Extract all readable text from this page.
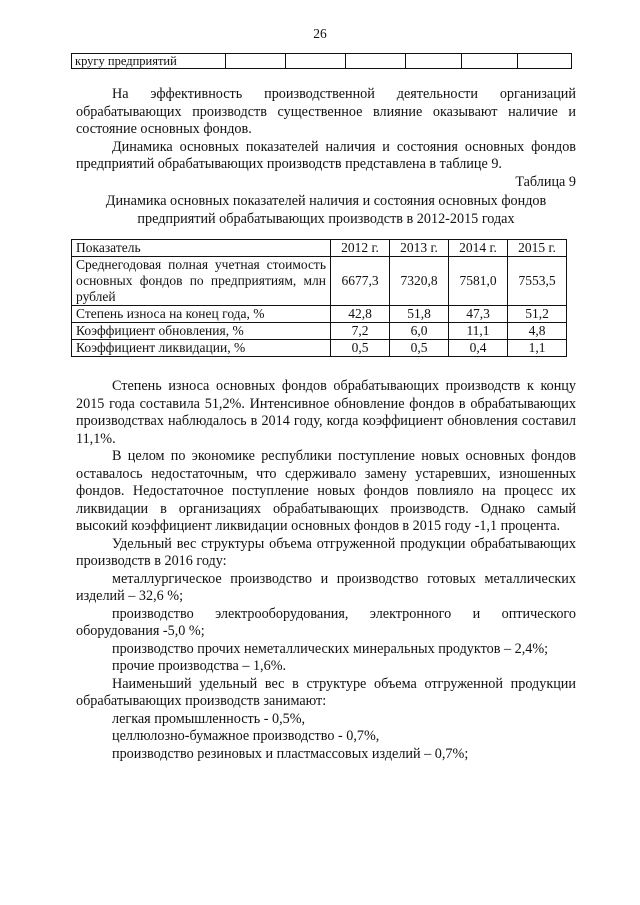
26
кругу предприятий						

На эффективность производственной деятельности организаций обрабатывающих производств существенное влияние оказывают наличие и состояние основных фондов.

Динамика основных показателей наличия и состояния основных фондов предприятий обрабатывающих производств представлена в таблице 9.

Таблица 9

Динамика основных показателей наличия и состояния основных фондов

предприятий обрабатывающих производств в 2012-2015 годах

Показатель	2012 г.	2013 г.	2014 г.	2015 г.
Среднегодовая полная учетная стоимость основных фондов по предприятиям, млн рублей	6677,3	7320,8	7581,0	7553,5
Степень износа на конец года, %	42,8	51,8	47,3	51,2
Коэффициент обновления, %	7,2	6,0	11,1	4,8
Коэффициент ликвидации, %	0,5	0,5	0,4	1,1

Степень износа основных фондов обрабатывающих производств к концу 2015 года составила 51,2%. Интенсивное обновление фондов в обрабатывающих производствах наблюдалось в 2014 году, когда коэффициент обновления составил 11,1%.

В целом по экономике республики поступление новых основных фондов оставалось недостаточным, что сдерживало замену устаревших, изношенных фондов. Недостаточное поступление новых фондов повлияло на процесс их ликвидации в организациях обрабатывающих производств. Однако самый высокий коэффициент ликвидации основных фондов в 2015 году -1,1 процента.

Удельный вес структуры объема отгруженной продукции обрабатывающих производств в 2016 году:

металлургическое производство и производство готовых металлических изделий – 32,6 %;

производство электрооборудования, электронного и оптического оборудования -5,0 %;

производство прочих неметаллических минеральных продуктов – 2,4%;

прочие производства – 1,6%.

Наименьший удельный вес в структуре объема отгруженной продукции обрабатывающих производств занимают:

легкая промышленность - 0,5%,

целлюлозно-бумажное производство - 0,7%,

производство резиновых и пластмассовых изделий – 0,7%;
